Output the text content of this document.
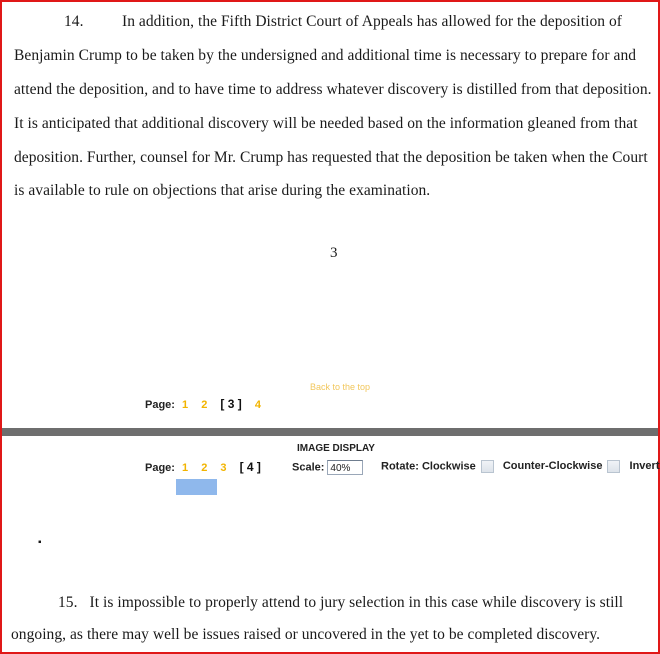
14. In addition, the Fifth District Court of Appeals has allowed for the deposition of
Benjamin Crump to be taken by the undersigned and additional time is necessary to prepare for and
attend the deposition, and to have time to address whatever discovery is distilled from that deposition.
It is anticipated that additional discovery will be needed based on the information gleaned from that
deposition. Further, counsel for Mr. Crump has requested that the deposition be taken when the Court
is available to rule on objections that arise during the examination.
3
Back to the top
Page: 1 2 [ 3 ] 4
IMAGE DISPLAY
Page: 1 2 3 [ 4 ]	Scale: 40%	Rotate: Clockwise Counter-Clockwise Invert
▪
15. It is impossible to properly attend to jury selection in this case while discovery is still
ongoing, as there may well be issues raised or uncovered in the yet to be completed discovery.
